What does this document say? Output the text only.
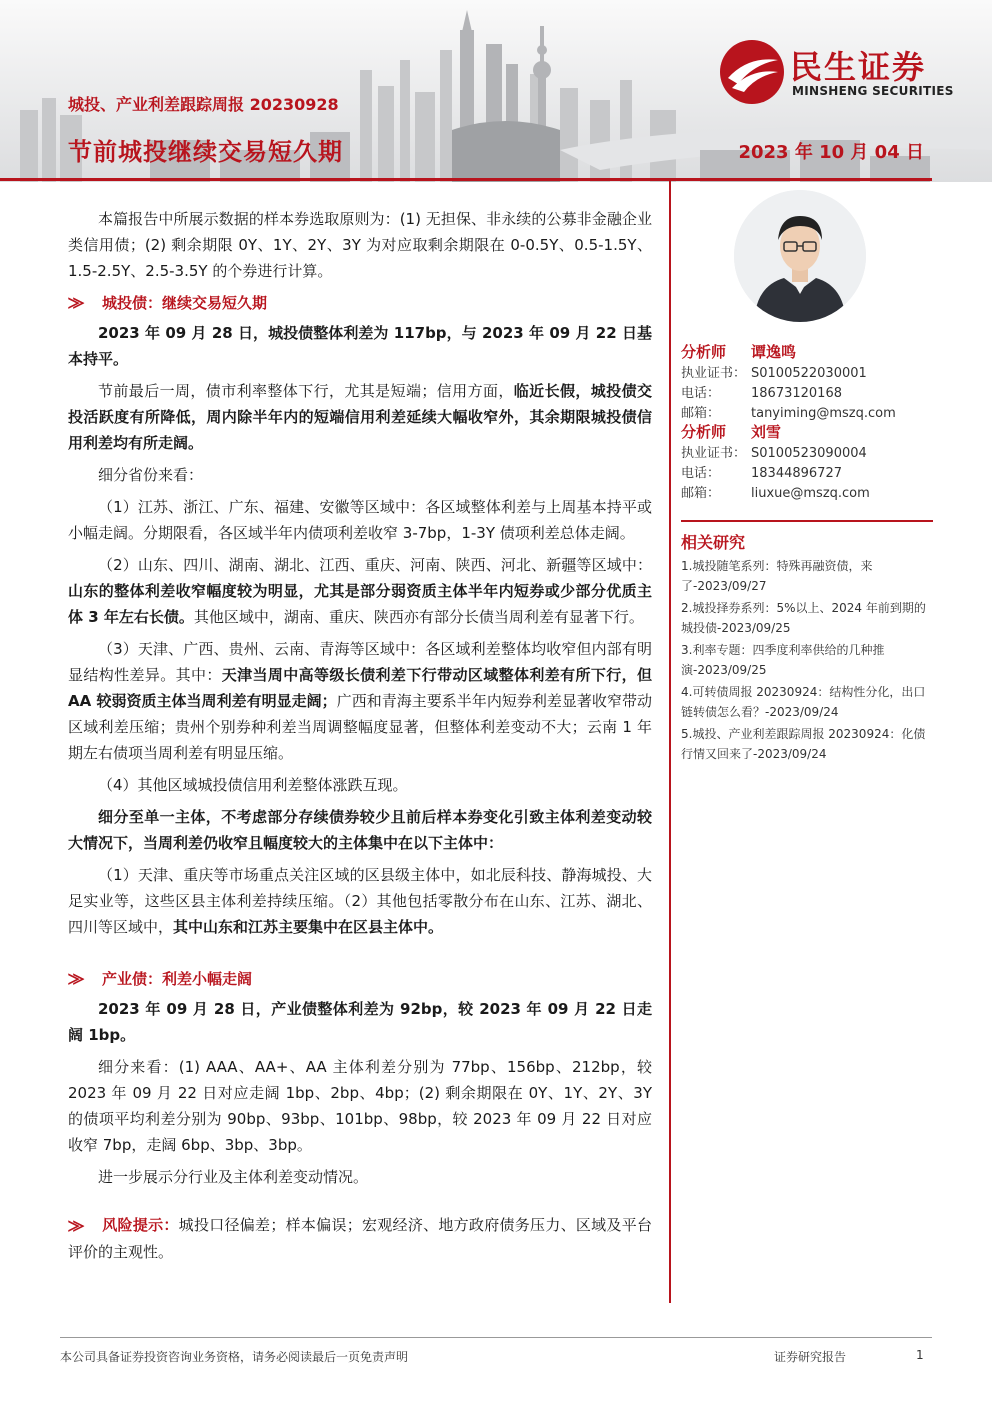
城投、产业利差跟踪周报 20230928
节前城投继续交易短久期	2023 年 10 月 04 日
民生证券
MINSHENG SECURITIES

本篇报告中所展示数据的样本券选取原则为：(1) 无担保、非永续的公募非金融企业类信用债；(2) 剩余期限 0Y、1Y、2Y、3Y 为对应取剩余期限在 0-0.5Y、0.5-1.5Y、1.5-2.5Y、2.5-3.5Y 的个券进行计算。

⨠	城投债：继续交易短久期

2023 年 09 月 28 日，城投债整体利差为 117bp，与 2023 年 09 月 22 日基本持平。

节前最后一周，债市利率整体下行，尤其是短端；信用方面，临近长假，城投债交投活跃度有所降低，周内除半年内的短端信用利差延续大幅收窄外，其余期限城投债信用利差均有所走阔。

细分省份来看：

（1）江苏、浙江、广东、福建、安徽等区域中：各区域整体利差与上周基本持平或小幅走阔。分期限看，各区域半年内债项利差收窄 3-7bp，1-3Y 债项利差总体走阔。

（2）山东、四川、湖南、湖北、江西、重庆、河南、陕西、河北、新疆等区域中：山东的整体利差收窄幅度较为明显，尤其是部分弱资质主体半年内短券或少部分优质主体 3 年左右长债。其他区域中，湖南、重庆、陕西亦有部分长债当周利差有显著下行。

（3）天津、广西、贵州、云南、青海等区域中：各区域利差整体均收窄但内部有明显结构性差异。其中：天津当周中高等级长债利差下行带动区域整体利差有所下行，但 AA 较弱资质主体当周利差有明显走阔；广西和青海主要系半年内短券利差显著收窄带动区域利差压缩；贵州个别券种利差当周调整幅度显著，但整体利差变动不大；云南 1 年期左右债项当周利差有明显压缩。

（4）其他区域城投债信用利差整体涨跌互现。

细分至单一主体，不考虑部分存续债券较少且前后样本券变化引致主体利差变动较大情况下，当周利差仍收窄且幅度较大的主体集中在以下主体中：

（1）天津、重庆等市场重点关注区域的区县级主体中，如北辰科技、静海城投、大足实业等，这些区县主体利差持续压缩。（2）其他包括零散分布在山东、江苏、湖北、四川等区域中，其中山东和江苏主要集中在区县主体中。

⨠	产业债：利差小幅走阔

2023 年 09 月 28 日，产业债整体利差为 92bp，较 2023 年 09 月 22 日走阔 1bp。

细分来看：(1) AAA、AA+、AA 主体利差分别为 77bp、156bp、212bp，较 2023 年 09 月 22 日对应走阔 1bp、2bp、4bp；(2) 剩余期限在 0Y、1Y、2Y、3Y 的债项平均利差分别为 90bp、93bp、101bp、98bp，较 2023 年 09 月 22 日对应收窄 7bp，走阔 6bp、3bp、3bp。

进一步展示分行业及主体利差变动情况。

⨠ 风险提示：城投口径偏差；样本偏误；宏观经济、地方政府债务压力、区域及平台评价的主观性。

分析师 谭逸鸣
执业证书： S0100522030001
电话：	18673120168
邮箱：	tanyiming@mszq.com
分析师 刘雪
执业证书： S0100523090004
电话：	18344896727
邮箱：	liuxue@mszq.com
相关研究
1.城投随笔系列：特殊再融资债，来了-2023/09/27
2.城投择券系列：5%以上、2024 年前到期的城投债-2023/09/25
3.利率专题：四季度利率供给的几种推演-2023/09/25
4.可转债周报 20230924：结构性分化，出口链转债怎么看？-2023/09/24
5.城投、产业利差跟踪周报 20230924：化债行情又回来了-2023/09/24
本公司具备证券投资咨询业务资格，请务必阅读最后一页免责声明	证券研究报告	1
